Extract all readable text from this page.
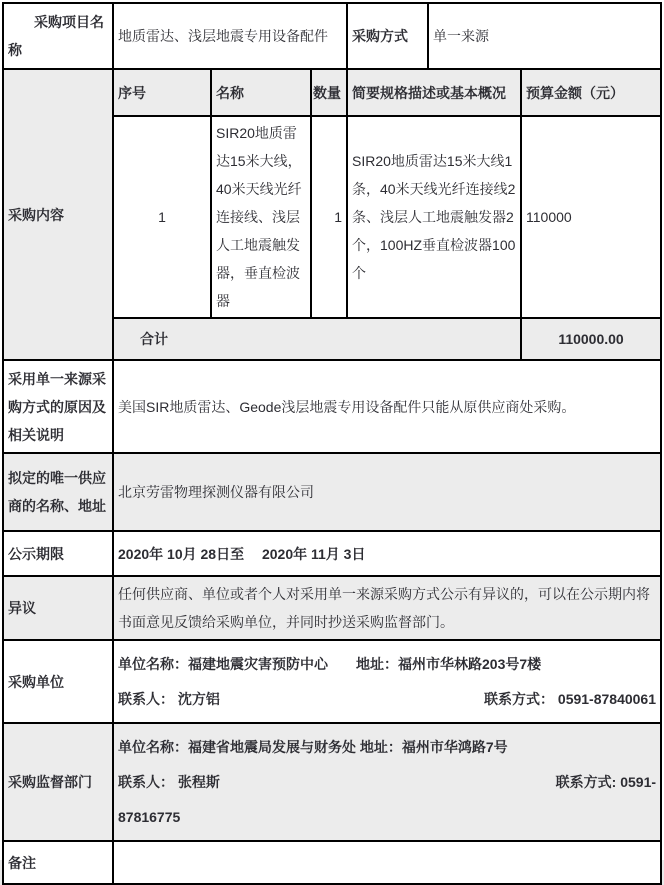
采购项目名称	地质雷达、浅层地震专用设备配件			采购方式	单一来源	
采购内容	序号	名称	数量	简要规格描述或基本概况		预算金额（元）
	1	SIR20地质雷达15米大线，40米天线光纤连接线、浅层人工地震触发器，垂直检波器	1	SIR20地质雷达15米大线1条，40米天线光纤连接线2条、浅层人工地震触发器2个，100HZ垂直检波器100个		110000
	合计					110000.00
采用单一来源采购方式的原因及相关说明	美国SIR地质雷达、Geode浅层地震专用设备配件只能从原供应商处采购。					
拟定的唯一供应商的名称、地址	北京劳雷物理探测仪器有限公司					
公示期限	2020年 10月 28日至　 2020年 11月 3日					
异议	任何供应商、单位或者个人对采用单一来源采购方式公示有异议的，可以在公示期内将书面意见反馈给采购单位，并同时抄送采购监督部门。					
采购单位	单位名称：福建地震灾害预防中心　　地址：福州市华林路203号7楼
联系人： 沈方铝 联系方式： 0591-87840061					

采购监督部门	单位名称：福建省地震局发展与财务处 地址：福州市华鸿路7号
联系人： 张程斯 联系方式: 0591-
87816775					

备注						
